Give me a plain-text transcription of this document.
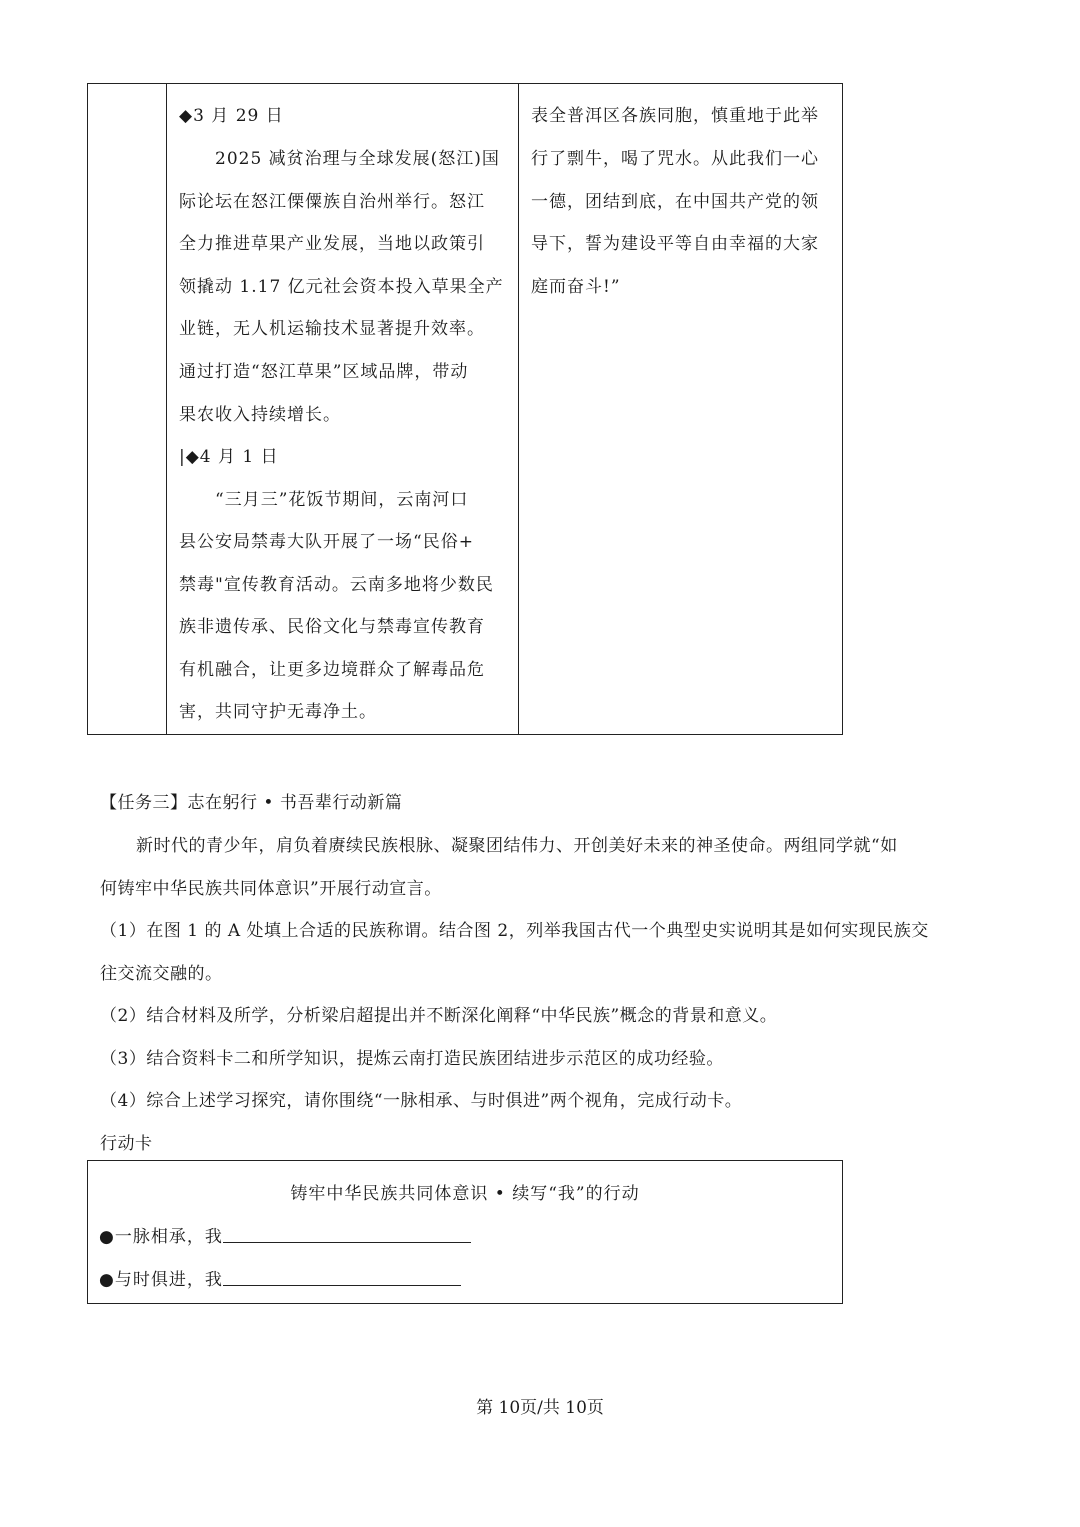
◆3 月 29 日
2025 减贫治理与全球发展(怒江)国
际论坛在怒江傈僳族自治州举行。怒江
全力推进草果产业发展，当地以政策引
领撬动 1.17 亿元社会资本投入草果全产
业链，无人机运输技术显著提升效率。
通过打造“怒江草果”区域品牌，带动
果农收入持续增长。
|◆4 月 1 日
“三月三”花饭节期间，云南河口
县公安局禁毒大队开展了一场“民俗+
禁毒"宣传教育活动。云南多地将少数民
族非遗传承、民俗文化与禁毒宣传教育
有机融合，让更多边境群众了解毒品危
害，共同守护无毒净土。
表全普洱区各族同胞，慎重地于此举
行了剽牛，喝了咒水。从此我们一心
一德，团结到底，在中国共产党的领
导下，誓为建设平等自由幸福的大家
庭而奋斗!”
【任务三】志在躬行 • 书吾辈行动新篇
新时代的青少年，肩负着赓续民族根脉、凝聚团结伟力、开创美好未来的神圣使命。两组同学就“如
何铸牢中华民族共同体意识”开展行动宣言。
（1）在图 1 的 A 处填上合适的民族称谓。结合图 2，列举我国古代一个典型史实说明其是如何实现民族交
往交流交融的。
（2）结合材料及所学，分析梁启超提出并不断深化阐释“中华民族”概念的背景和意义。
（3）结合资料卡二和所学知识，提炼云南打造民族团结进步示范区的成功经验。
（4）综合上述学习探究，请你围绕“一脉相承、与时俱进”两个视角，完成行动卡。
行动卡
铸牢中华民族共同体意识 • 续写“我”的行动
●一脉相承，我
●与时俱进，我
第 10页/共 10页
